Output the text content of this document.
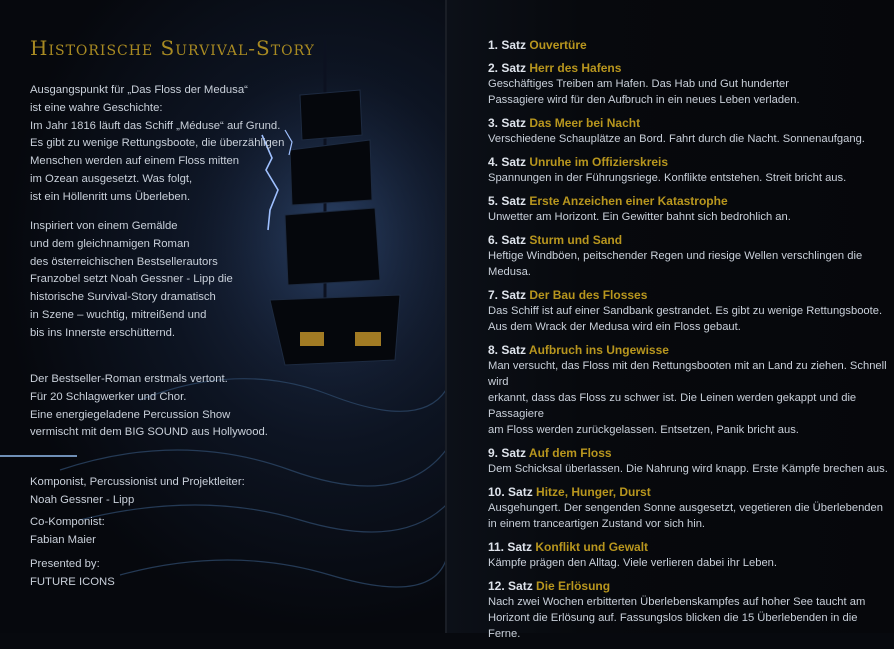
Historische Survival-Story
Ausgangspunkt für „Das Floss der Medusa“
ist eine wahre Geschichte:
Im Jahr 1816 läuft das Schiff „Méduse“ auf Grund.
Es gibt zu wenige Rettungsboote, die überzähligen
Menschen werden auf einem Floss mitten
im Ozean ausgesetzt. Was folgt,
ist ein Höllenritt ums Überleben.
Inspiriert von einem Gemälde
und dem gleichnamigen Roman
des österreichischen Bestsellerautors
Franzobel setzt Noah Gessner - Lipp die
historische Survival-Story dramatisch
in Szene – wuchtig, mitreißend und
bis ins Innerste erschütternd.
Der Bestseller-Roman erstmals vertont.
Für 20 Schlagwerker und Chor.
Eine energiegeladene Percussion Show
vermischt mit dem BIG SOUND aus Hollywood.
Komponist, Percussionist und Projektleiter:
Noah Gessner - Lipp
Co-Komponist:
Fabian Maier
Presented by:
FUTURE ICONS
1. Satz Ouvertüre
2. Satz Herr des Hafens
Geschäftiges Treiben am Hafen. Das Hab und Gut hunderter
Passagiere wird für den Aufbruch in ein neues Leben verladen.
3. Satz Das Meer bei Nacht
Verschiedene Schauplätze an Bord. Fahrt durch die Nacht. Sonnenaufgang.
4. Satz Unruhe im Offizierskreis
Spannungen in der Führungsriege. Konflikte entstehen. Streit bricht aus.
5. Satz Erste Anzeichen einer Katastrophe
Unwetter am Horizont. Ein Gewitter bahnt sich bedrohlich an.
6. Satz Sturm und Sand
Heftige Windböen, peitschender Regen und riesige Wellen verschlingen die Medusa.
7. Satz Der Bau des Flosses
Das Schiff ist auf einer Sandbank gestrandet. Es gibt zu wenige Rettungsboote.
Aus dem Wrack der Medusa wird ein Floss gebaut.
8. Satz Aufbruch ins Ungewisse
Man versucht, das Floss mit den Rettungsbooten mit an Land zu ziehen. Schnell wird
erkannt, dass das Floss zu schwer ist. Die Leinen werden gekappt und die Passagiere
am Floss werden zurückgelassen. Entsetzen, Panik bricht aus.
9. Satz Auf dem Floss
Dem Schicksal überlassen. Die Nahrung wird knapp. Erste Kämpfe brechen aus.
10. Satz Hitze, Hunger, Durst
Ausgehungert. Der sengenden Sonne ausgesetzt, vegetieren die Überlebenden
in einem tranceartigen Zustand vor sich hin.
11. Satz Konflikt und Gewalt
Kämpfe prägen den Alltag. Viele verlieren dabei ihr Leben.
12. Satz Die Erlösung
Nach zwei Wochen erbitterten Überlebenskampfes auf hoher See taucht am
Horizont die Erlösung auf. Fassungslos blicken die 15 Überlebenden in die Ferne.
